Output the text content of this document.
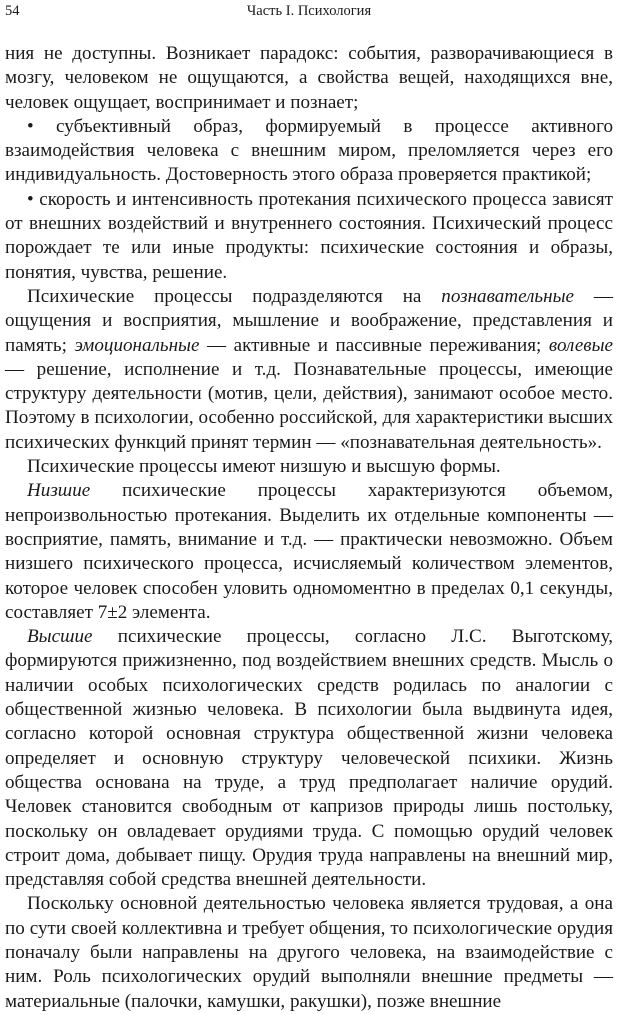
54	Часть I. Психология

ния не доступны. Возникает парадокс: события, разворачивающиеся в мозгу, человеком не ощущаются, а свойства вещей, находящихся вне, человек ощущает, воспринимает и познает;

• субъективный образ, формируемый в процессе активного взаимодействия человека с внешним миром, преломляется через его индивидуальность. Достоверность этого образа проверяется практикой;

• скорость и интенсивность протекания психического процесса зависят от внешних воздействий и внутреннего состояния. Психический процесс порождает те или иные продукты: психические состояния и образы, понятия, чувства, решение.

Психические процессы подразделяются на познавательные — ощущения и восприятия, мышление и воображение, представления и память; эмоциональные — активные и пассивные переживания; волевые — решение, исполнение и т.д. Познавательные процессы, имеющие структуру деятельности (мотив, цели, действия), занимают особое место. Поэтому в психологии, особенно российской, для характеристики высших психических функций принят термин — «познавательная деятельность».

Психические процессы имеют низшую и высшую формы.

Низшие психические процессы характеризуются объемом, непроизвольностью протекания. Выделить их отдельные компоненты — восприятие, память, внимание и т.д. — практически невозможно. Объем низшего психического процесса, исчисляемый количеством элементов, которое человек способен уловить одномоментно в пределах 0,1 секунды, составляет 7±2 элемента.

Высшие психические процессы, согласно Л.С. Выготскому, формируются прижизненно, под воздействием внешних средств. Мысль о наличии особых психологических средств родилась по аналогии с общественной жизнью человека. В психологии была выдвинута идея, согласно которой основная структура общественной жизни человека определяет и основную структуру человеческой психики. Жизнь общества основана на труде, а труд предполагает наличие орудий. Человек становится свободным от капризов природы лишь постольку, поскольку он овладевает орудиями труда. С помощью орудий человек строит дома, добывает пищу. Орудия труда направлены на внешний мир, представляя собой средства внешней деятельности.

Поскольку основной деятельностью человека является трудовая, а она по сути своей коллективна и требует общения, то психологические орудия поначалу были направлены на другого человека, на взаимодействие с ним. Роль психологических орудий выполняли внешние предметы — материальные (палочки, камушки, ракушки), позже внешние
